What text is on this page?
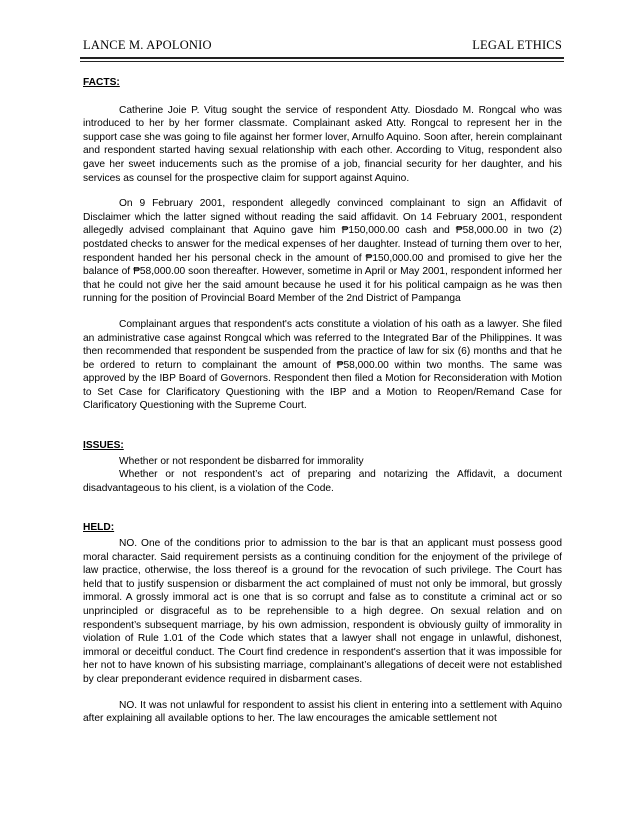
LANCE M. APOLONIO	LEGAL ETHICS
FACTS:

Catherine Joie P. Vitug sought the service of respondent Atty. Diosdado M. Rongcal who was introduced to her by her former classmate. Complainant asked Atty. Rongcal to represent her in the support case she was going to file against her former lover, Arnulfo Aquino. Soon after, herein complainant and respondent started having sexual relationship with each other. According to Vitug, respondent also gave her sweet inducements such as the promise of a job, financial security for her daughter, and his services as counsel for the prospective claim for support against Aquino.

On 9 February 2001, respondent allegedly convinced complainant to sign an Affidavit of Disclaimer which the latter signed without reading the said affidavit. On 14 February 2001, respondent allegedly advised complainant that Aquino gave him ₱150,000.00 cash and ₱58,000.00 in two (2) postdated checks to answer for the medical expenses of her daughter. Instead of turning them over to her, respondent handed her his personal check in the amount of ₱150,000.00 and promised to give her the balance of ₱58,000.00 soon thereafter. However, sometime in April or May 2001, respondent informed her that he could not give her the said amount because he used it for his political campaign as he was then running for the position of Provincial Board Member of the 2nd District of Pampanga

Complainant argues that respondent's acts constitute a violation of his oath as a lawyer. She filed an administrative case against Rongcal which was referred to the Integrated Bar of the Philippines. It was then recommended that respondent be suspended from the practice of law for six (6) months and that he be ordered to return to complainant the amount of ₱58,000.00 within two months. The same was approved by the IBP Board of Governors. Respondent then filed a Motion for Reconsideration with Motion to Set Case for Clarificatory Questioning with the IBP and a Motion to Reopen/Remand Case for Clarificatory Questioning with the Supreme Court.

ISSUES:
Whether or not respondent be disbarred for immorality
Whether or not respondent’s act of preparing and notarizing the Affidavit, a document disadvantageous to his client, is a violation of the Code.
HELD:

NO. One of the conditions prior to admission to the bar is that an applicant must possess good moral character. Said requirement persists as a continuing condition for the enjoyment of the privilege of law practice, otherwise, the loss thereof is a ground for the revocation of such privilege. The Court has held that to justify suspension or disbarment the act complained of must not only be immoral, but grossly immoral. A grossly immoral act is one that is so corrupt and false as to constitute a criminal act or so unprincipled or disgraceful as to be reprehensible to a high degree. On sexual relation and on respondent’s subsequent marriage, by his own admission, respondent is obviously guilty of immorality in violation of Rule 1.01 of the Code which states that a lawyer shall not engage in unlawful, dishonest, immoral or deceitful conduct. The Court find credence in respondent's assertion that it was impossible for her not to have known of his subsisting marriage, complainant’s allegations of deceit were not established by clear preponderant evidence required in disbarment cases.

NO. It was not unlawful for respondent to assist his client in entering into a settlement with Aquino after explaining all available options to her. The law encourages the amicable settlement not
